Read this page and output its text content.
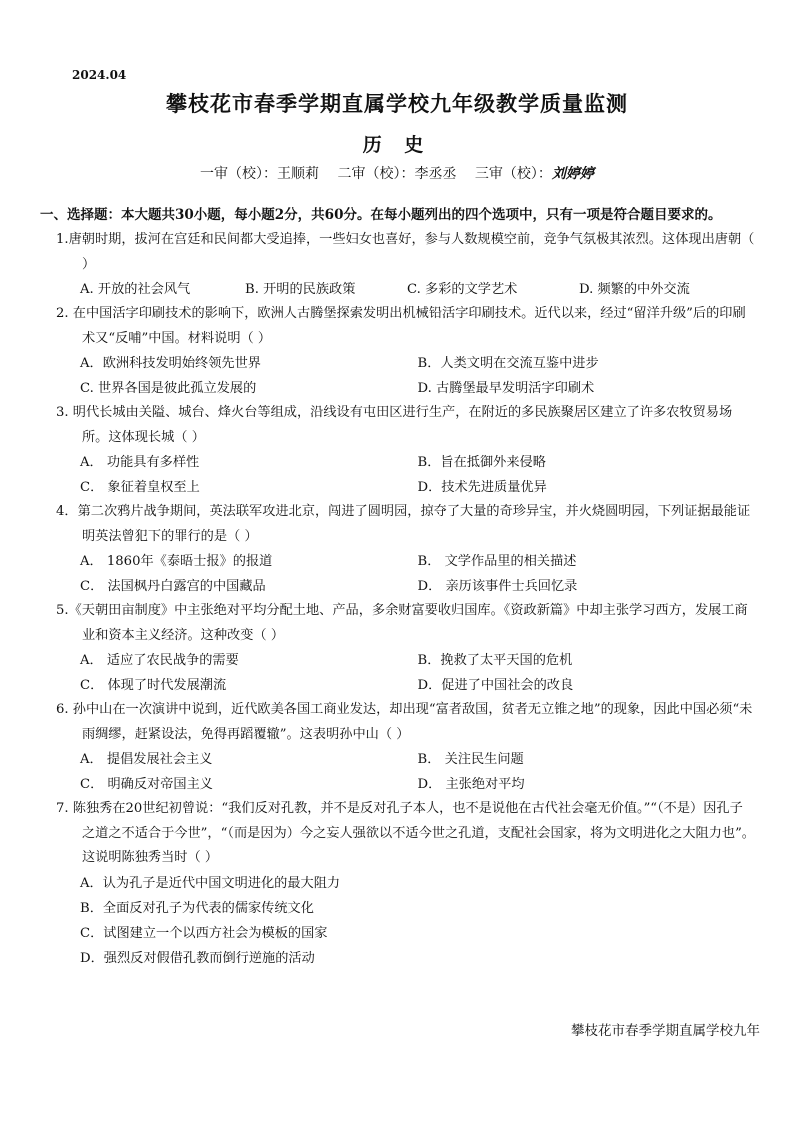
2024.04
攀枝花市春季学期直属学校九年级教学质量监测
历 史
一审（校）：王顺莉 二审（校）：李丞丞 三审（校）：刘婷婷
一、选择题：本大题共30小题，每小题2分，共60分。在每小题列出的四个选项中，只有一项是符合题目要求的。
1.唐朝时期，拔河在宫廷和民间都大受追捧，一些妇女也喜好，参与人数规模空前，竞争气氛极其浓烈。这体现出唐朝（ ）
A. 开放的社会风气	B. 开明的民族政策	C. 多彩的文学艺术	D. 频繁的中外交流
2. 在中国活字印刷技术的影响下，欧洲人古腾堡探索发明出机械铅活字印刷技术。近代以来，经过“留洋升级”后的印刷术又“反哺”中国。材料说明（ ）
A．欧洲科技发明始终领先世界	B．人类文明在交流互鉴中进步
C. 世界各国是彼此孤立发展的	D. 古腾堡最早发明活字印刷术
3. 明代长城由关隘、城台、烽火台等组成，沿线设有屯田区进行生产，在附近的多民族聚居区建立了许多农牧贸易场所。这体现长城（ ）
A． 功能具有多样性	B．旨在抵御外来侵略
C． 象征着皇权至上	D．技术先进质量优异
4．第二次鸦片战争期间，英法联军攻进北京，闯进了圆明园，掠夺了大量的奇珍异宝，并火烧圆明园，下列证据最能证明英法曾犯下的罪行的是（ ）
A． 1860年《泰晤士报》的报道	B． 文学作品里的相关描述
C． 法国枫丹白露宫的中国藏品	D． 亲历该事件士兵回忆录
5.《天朝田亩制度》中主张绝对平均分配土地、产品，多余财富要收归国库。《资政新篇》中却主张学习西方，发展工商业和资本主义经济。这种改变（ ）
A． 适应了农民战争的需要	B．挽救了太平天国的危机
C． 体现了时代发展潮流	D．促进了中国社会的改良
6. 孙中山在一次演讲中说到，近代欧美各国工商业发达，却出现“富者敌国，贫者无立锥之地”的现象，因此中国必须“未雨绸缪，赶紧设法，免得再蹈覆辙”。这表明孙中山（ ）
A． 提倡发展社会主义	B． 关注民生问题
C． 明确反对帝国主义	D． 主张绝对平均
7. 陈独秀在20世纪初曾说：“我们反对孔教，并不是反对孔子本人，也不是说他在古代社会毫无价值。”“（不是）因孔子之道之不适合于今世”，“（而是因为）今之妄人强欲以不适今世之孔道，支配社会国家，将为文明进化之大阻力也”。这说明陈独秀当时（ ）
A．认为孔子是近代中国文明进化的最大阻力
B．全面反对孔子为代表的儒家传统文化
C．试图建立一个以西方社会为模板的国家
D．强烈反对假借孔教而倒行逆施的活动
攀枝花市春季学期直属学校九年
